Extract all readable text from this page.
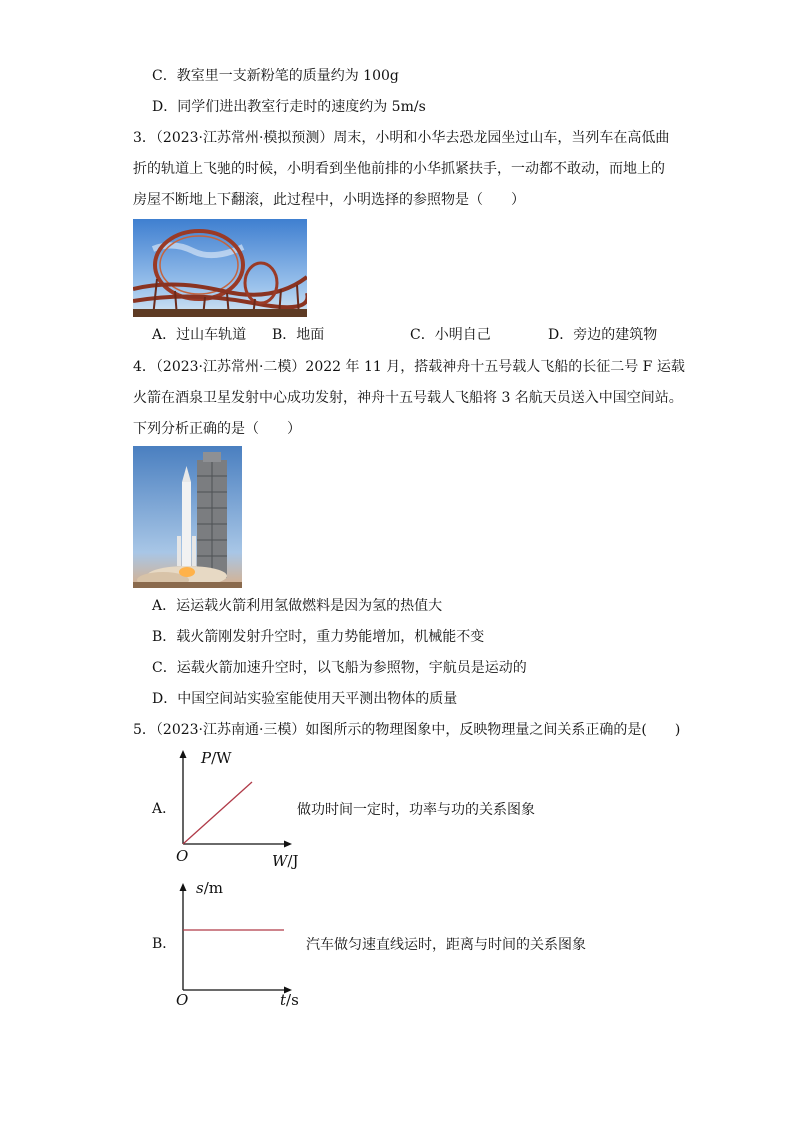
C．教室里一支新粉笔的质量约为 100g
D．同学们进出教室行走时的速度约为 5m/s
3．（2023·江苏常州·模拟预测）周末，小明和小华去恐龙园坐过山车，当列车在高低曲
折的轨道上飞驰的时候，小明看到坐他前排的小华抓紧扶手，一动都不敢动，而地上的
房屋不断地上下翻滚，此过程中，小明选择的参照物是（　　）
A．过山车轨道 B．地面	C．小明自己	D．旁边的建筑物
4．（2023·江苏常州·二模）2022 年 11 月，搭载神舟十五号载人飞船的长征二号 F 运载
火箭在酒泉卫星发射中心成功发射，神舟十五号载人飞船将 3 名航天员送入中国空间站。
下列分析正确的是（　　）
A．运运载火箭利用氢做燃料是因为氢的热值大
B．载火箭刚发射升空时，重力势能增加，机械能不变
C．运载火箭加速升空时，以飞船为参照物，宇航员是运动的
D．中国空间站实验室能使用天平测出物体的质量
5．（2023·江苏南通·三模）如图所示的物理图象中，反映物理量之间关系正确的是(　　)
A．
P/W
O	W/J
做功时间一定时，功率与功的关系图象
B．
s/m
O	t/s
汽车做匀速直线运时，距离与时间的关系图象
